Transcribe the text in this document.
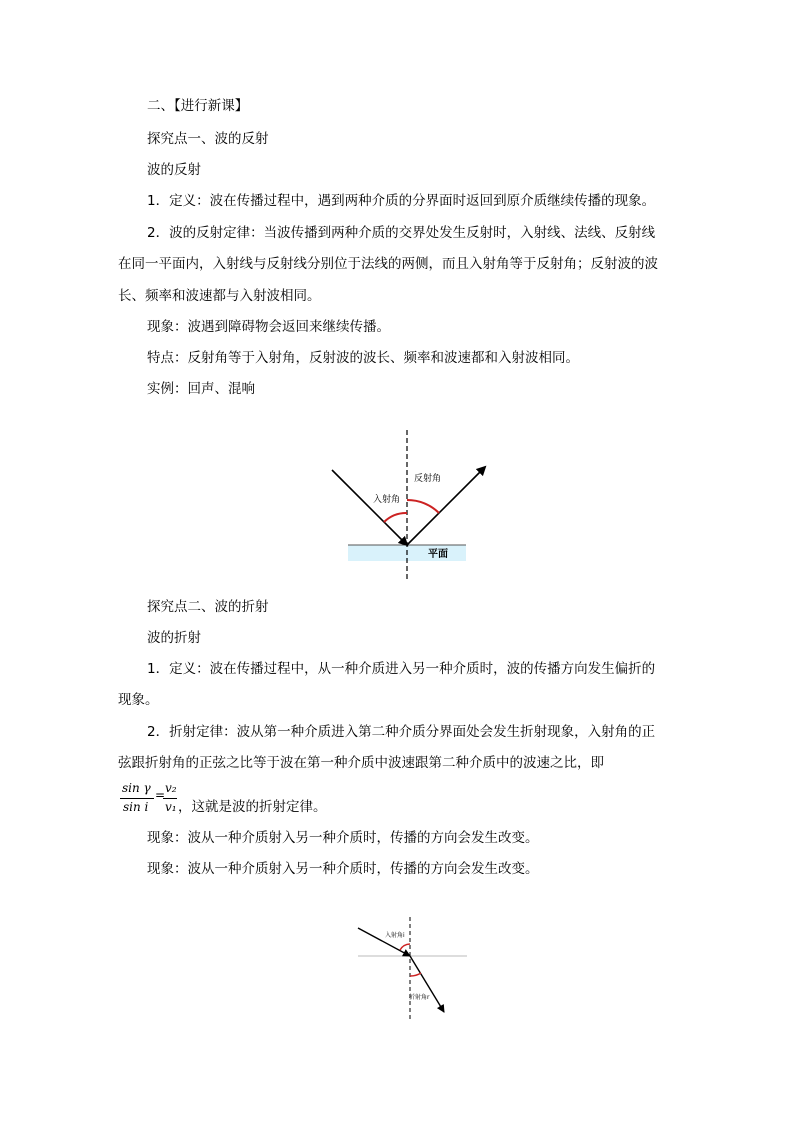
二、【进行新课】
探究点一、波的反射
波的反射
1．定义：波在传播过程中，遇到两种介质的分界面时返回到原介质继续传播的现象。
2．波的反射定律：当波传播到两种介质的交界处发生反射时，入射线、法线、反射线
在同一平面内，入射线与反射线分别位于法线的两侧，而且入射角等于反射角；反射波的波
长、频率和波速都与入射波相同。
现象：波遇到障碍物会返回来继续传播。
特点：反射角等于入射角，反射波的波长、频率和波速都和入射波相同。
实例：回声、混响
入射角
反射角
平面
探究点二、波的折射
波的折射
1．定义：波在传播过程中，从一种介质进入另一种介质时，波的传播方向发生偏折的
现象。
2．折射定律：波从第一种介质进入第二种介质分界面处会发生折射现象，入射角的正
弦跟折射角的正弦之比等于波在第一种介质中波速跟第二种介质中的波速之比，即
sin γ
sin i
= v₂
v₁ ，这就是波的折射定律。
现象：波从一种介质射入另一种介质时，传播的方向会发生改变。
现象：波从一种介质射入另一种介质时，传播的方向会发生改变。
入射角i
折射角r
